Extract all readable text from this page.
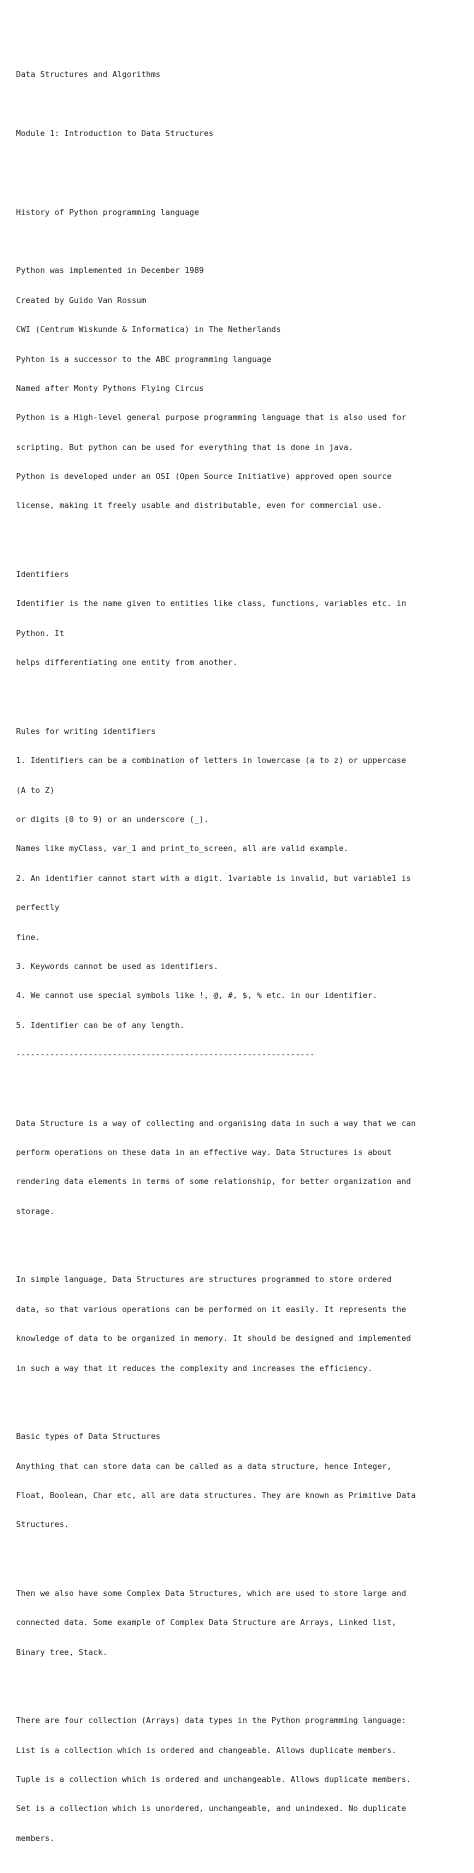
Data Structures and Algorithms

Module 1: Introduction to Data Structures

History of Python programming language

Python was implemented in December 1989

Created by Guido Van Rossum

CWI (Centrum Wiskunde & Informatica) in The Netherlands

Pyhton is a successor to the ABC programming language

Named after Monty Pythons Flying Circus

Python is a High-level general purpose programming language that is also used for

scripting. But python can be used for everything that is done in java.

Python is developed under an OSI (Open Source Initiative) approved open source

license, making it freely usable and distributable, even for commercial use.

Identifiers

Identifier is the name given to entities like class, functions, variables etc. in

Python. It

helps differentiating one entity from another.

Rules for writing identifiers

1. Identifiers can be a combination of letters in lowercase (a to z) or uppercase

(A to Z)

or digits (0 to 9) or an underscore (_).

Names like myClass, var_1 and print_to_screen, all are valid example.

2. An identifier cannot start with a digit. 1variable is invalid, but variable1 is

perfectly

fine.

3. Keywords cannot be used as identifiers.

4. We cannot use special symbols like !, @, #, $, % etc. in our identifier.

5. Identifier can be of any length.

--------------------------------------------------------------

Data Structure is a way of collecting and organising data in such a way that we can

perform operations on these data in an effective way. Data Structures is about

rendering data elements in terms of some relationship, for better organization and

storage.

In simple language, Data Structures are structures programmed to store ordered

data, so that various operations can be performed on it easily. It represents the

knowledge of data to be organized in memory. It should be designed and implemented

in such a way that it reduces the complexity and increases the efficiency.

Basic types of Data Structures

Anything that can store data can be called as a data structure, hence Integer,

Float, Boolean, Char etc, all are data structures. They are known as Primitive Data

Structures.

Then we also have some Complex Data Structures, which are used to store large and

connected data. Some example of Complex Data Structure are Arrays, Linked list,

Binary tree, Stack.

There are four collection (Arrays) data types in the Python programming language:

List is a collection which is ordered and changeable. Allows duplicate members.

Tuple is a collection which is ordered and unchangeable. Allows duplicate members.

Set is a collection which is unordered, unchangeable, and unindexed. No duplicate

members.
